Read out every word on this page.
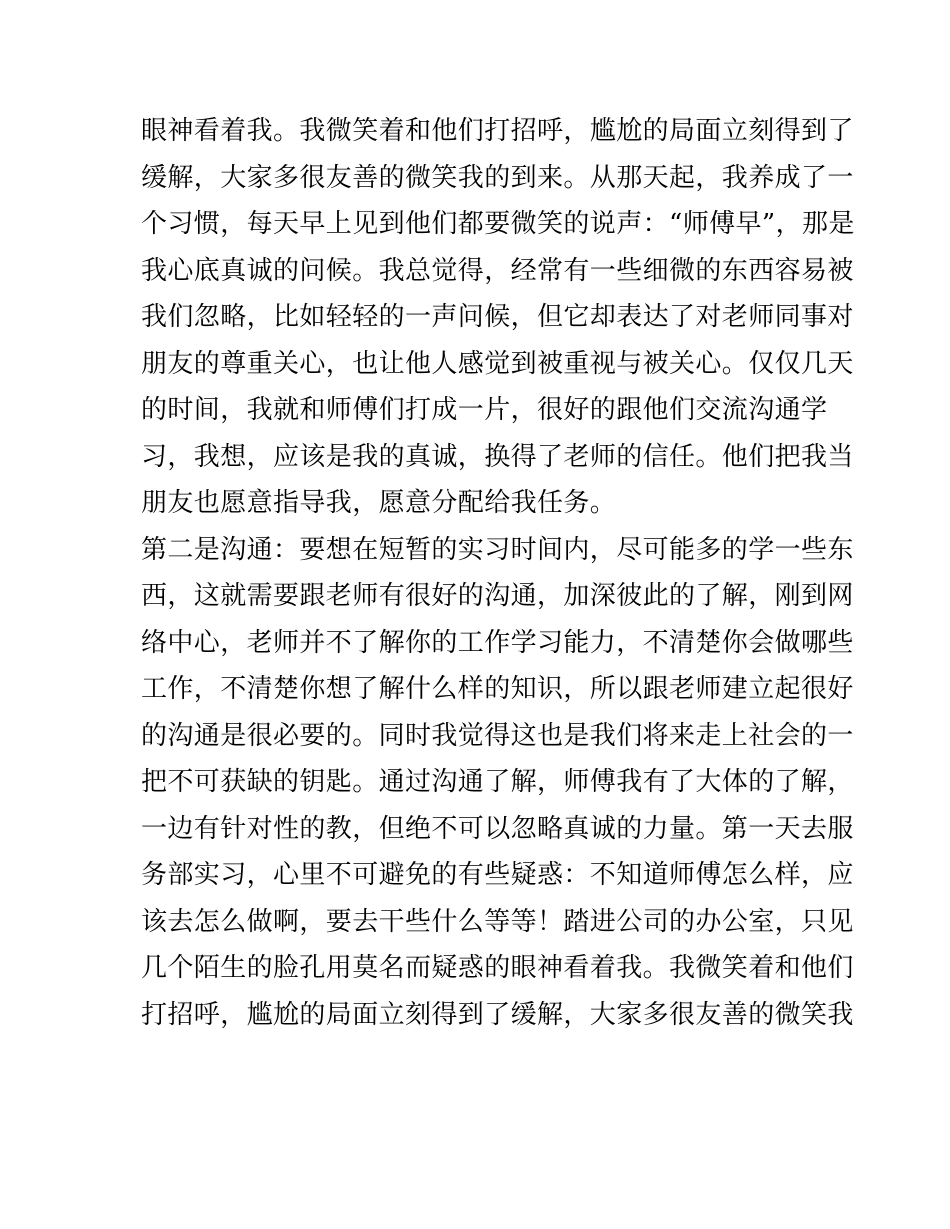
眼神看着我。我微笑着和他们打招呼，尴尬的局面立刻得到了
缓解，大家多很友善的微笑我的到来。从那天起，我养成了一
个习惯，每天早上见到他们都要微笑的说声：“师傅早”，那是
我心底真诚的问候。我总觉得，经常有一些细微的东西容易被
我们忽略，比如轻轻的一声问候，但它却表达了对老师同事对
朋友的尊重关心，也让他人感觉到被重视与被关心。仅仅几天
的时间，我就和师傅们打成一片，很好的跟他们交流沟通学
习，我想，应该是我的真诚，换得了老师的信任。他们把我当
朋友也愿意指导我，愿意分配给我任务。
第二是沟通：要想在短暂的实习时间内，尽可能多的学一些东
西，这就需要跟老师有很好的沟通，加深彼此的了解，刚到网
络中心，老师并不了解你的工作学习能力，不清楚你会做哪些
工作，不清楚你想了解什么样的知识，所以跟老师建立起很好
的沟通是很必要的。同时我觉得这也是我们将来走上社会的一
把不可获缺的钥匙。通过沟通了解，师傅我有了大体的了解，
一边有针对性的教，但绝不可以忽略真诚的力量。第一天去服
务部实习，心里不可避免的有些疑惑：不知道师傅怎么样，应
该去怎么做啊，要去干些什么等等！踏进公司的办公室，只见
几个陌生的脸孔用莫名而疑惑的眼神看着我。我微笑着和他们
打招呼，尴尬的局面立刻得到了缓解，大家多很友善的微笑我
